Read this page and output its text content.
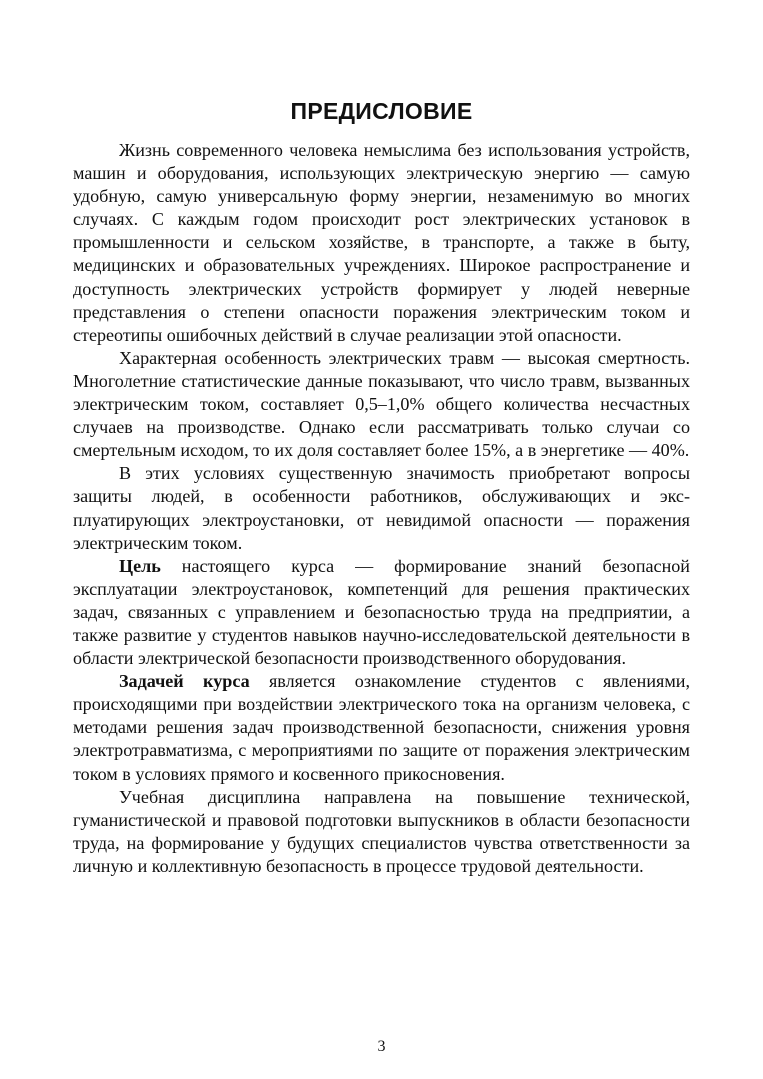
ПРЕДИСЛОВИЕ

Жизнь современного человека немыслима без использования устройств, машин и оборудования, использующих электрическую энергию — самую удобную, самую универсальную форму энергии, незаменимую во многих случаях. С каждым годом происходит рост электрических установок в промышленности и сельском хозяйстве, в транспорте, а также в быту, медицинских и образовательных учреждениях. Широкое распространение и доступность электрических устройств формирует у людей неверные представления о степени опасности поражения электрическим током и стереотипы ошибочных действий в случае реализации этой опасности.

Характерная особенность электрических травм — высокая смертность. Многолетние статистические данные показывают, что число травм, вызванных электрическим током, составляет 0,5–1,0% общего количества несчастных случаев на производстве. Однако если рассматривать только случаи со смертельным исходом, то их доля составляет более 15%, а в энергетике — 40%.

В этих условиях существенную значимость приобретают вопросы защиты людей, в особенности работников, обслуживающих и эксплуатирующих электроустановки, от невидимой опасности — поражения электрическим током.

Цель настоящего курса — формирование знаний безопасной эксплуатации электроустановок, компетенций для решения практических задач, связанных с управлением и безопасностью труда на предприятии, а также развитие у студентов навыков научно-исследовательской деятельности в области электрической безопасности производственного оборудования.

Задачей курса является ознакомление студентов с явлениями, происходящими при воздействии электрического тока на организм человека, с методами решения задач производственной безопасности, снижения уровня электротравматизма, с мероприятиями по защите от поражения электрическим током в условиях прямого и косвенного прикосновения.

Учебная дисциплина направлена на повышение технической, гуманистической и правовой подготовки выпускников в области безопасности труда, на формирование у будущих специалистов чувства ответственности за личную и коллективную безопасность в процессе трудовой деятельности.

3
